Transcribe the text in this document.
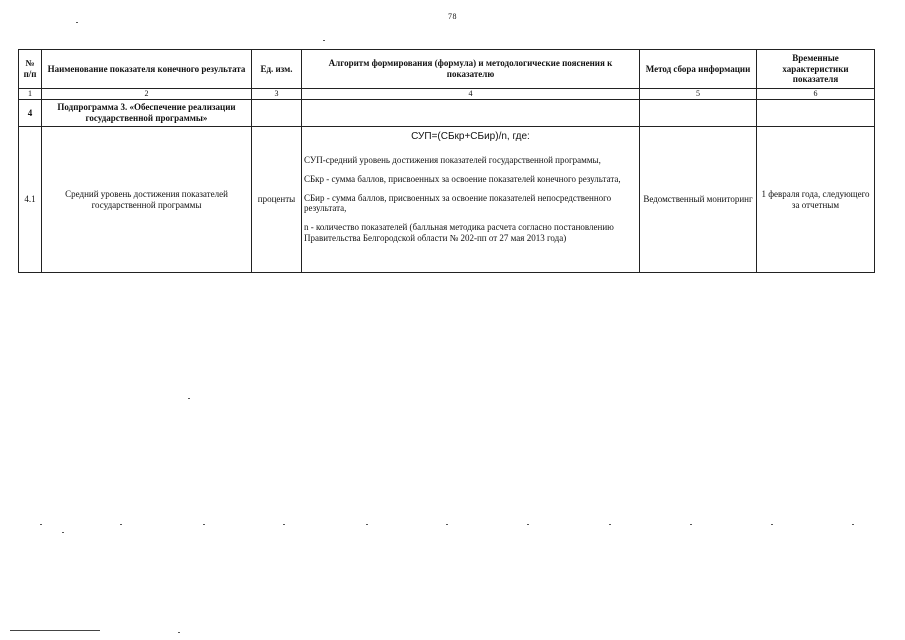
78
№ п/п	Наименование показателя конечного результата	Ед. изм.	Алгоритм формирования (формула) и методологические пояснения к показателю	Метод сбора информации	Временные характеристики показателя
1	2	3	4	5	6
4	Подпрограмма 3. «Обеспечение реализации государственной программы»				
4.1	Средний уровень достижения показателей государственной программы	проценты	СУП=(СБкр+СБир)/n, где:

СУП-средний уровень достижения показателей государственной программы,

СБкр - сумма баллов, присвоенных за освоение показателей конечного результата,

СБир - сумма баллов, присвоенных за освоение показателей непосредственного результата,

n - количество показателей (балльная методика расчета согласно постановлению Правительства Белгородской области № 202-пп от 27 мая 2013 года)	Ведомственный мониторинг	1 февраля года, следующего за отчетным
